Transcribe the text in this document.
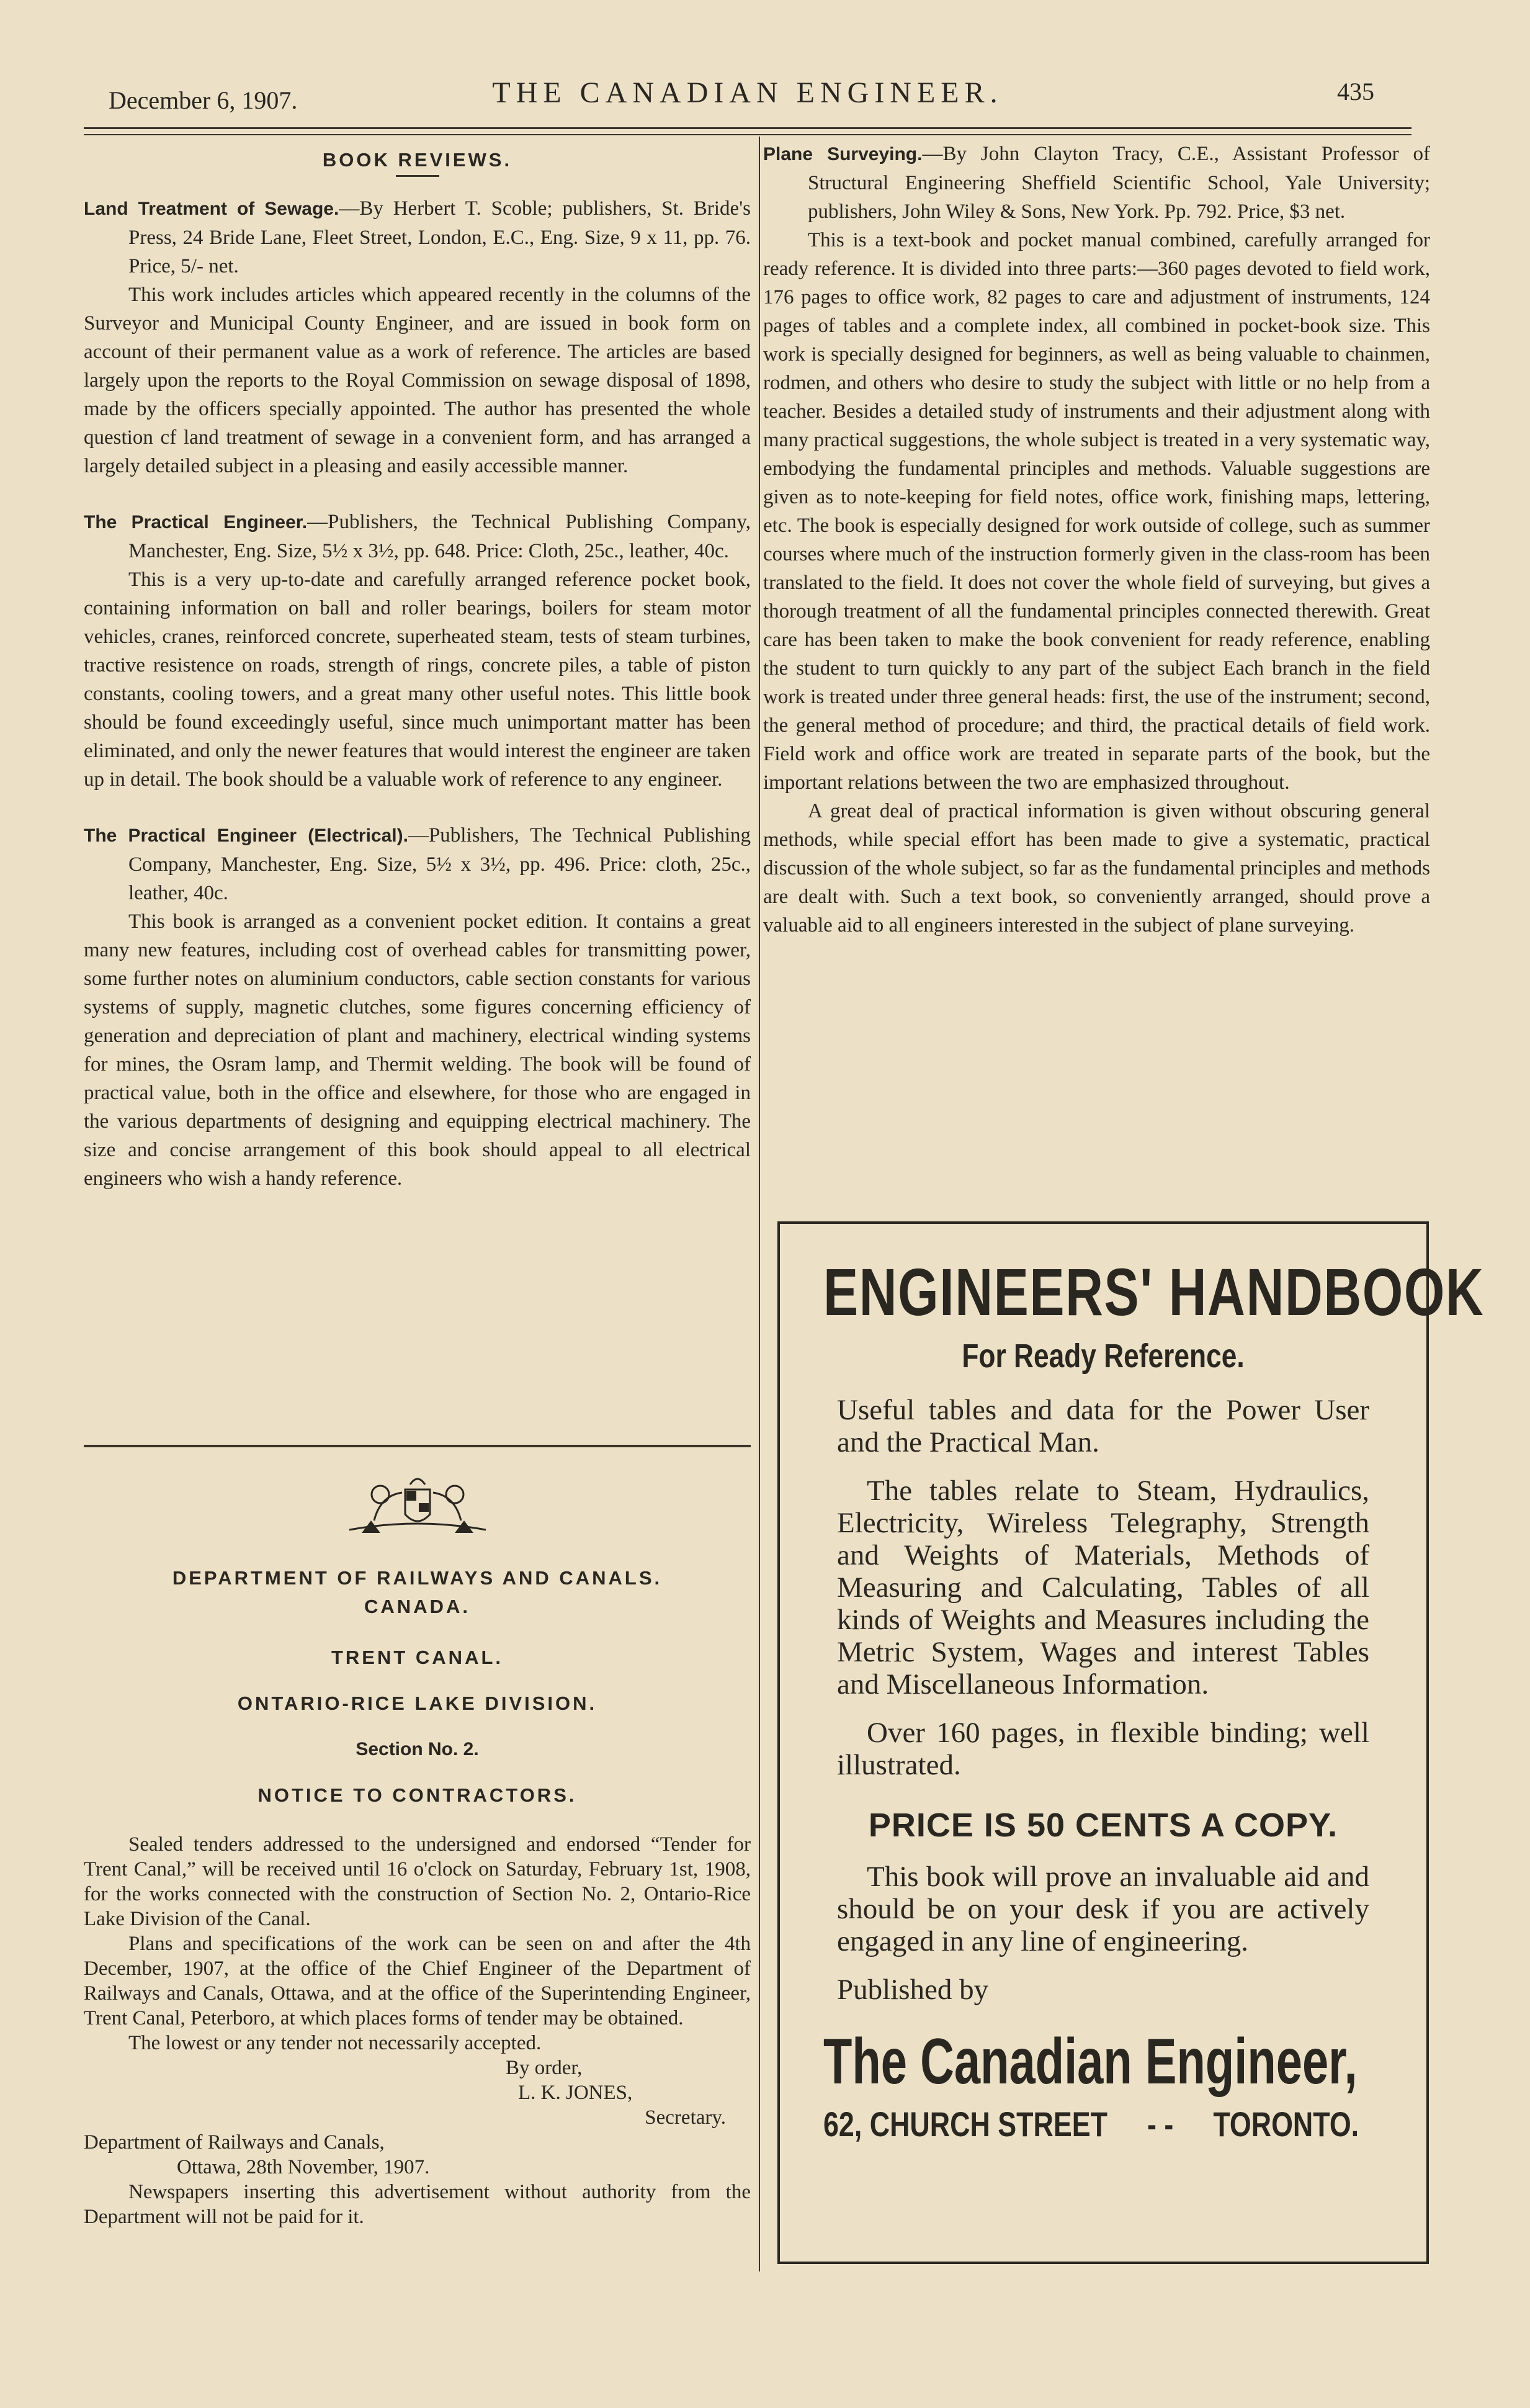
December 6, 1907.	THE CANADIAN ENGINEER.	435
BOOK REVIEWS.

Land Treatment of Sewage.—By Herbert T. Scoble; publishers, St. Bride's Press, 24 Bride Lane, Fleet Street, London, E.C., Eng. Size, 9 x 11, pp. 76. Price, 5/- net.

This work includes articles which appeared recently in the columns of the Surveyor and Municipal County Engineer, and are issued in book form on account of their permanent value as a work of reference. The articles are based largely upon the reports to the Royal Commission on sewage disposal of 1898, made by the officers specially appointed. The author has presented the whole question cf land treatment of sewage in a convenient form, and has arranged a largely detailed subject in a pleasing and easily accessible manner.

The Practical Engineer.—Publishers, the Technical Publishing Company, Manchester, Eng. Size, 5½ x 3½, pp. 648. Price: Cloth, 25c., leather, 40c.

This is a very up-to-date and carefully arranged reference pocket book, containing information on ball and roller bearings, boilers for steam motor vehicles, cranes, reinforced concrete, superheated steam, tests of steam turbines, tractive resistence on roads, strength of rings, concrete piles, a table of piston constants, cooling towers, and a great many other useful notes. This little book should be found exceedingly useful, since much unimportant matter has been eliminated, and only the newer features that would interest the engineer are taken up in detail. The book should be a valuable work of reference to any engineer.

The Practical Engineer (Electrical).—Publishers, The Technical Publishing Company, Manchester, Eng. Size, 5½ x 3½, pp. 496. Price: cloth, 25c., leather, 40c.

This book is arranged as a convenient pocket edition. It contains a great many new features, including cost of overhead cables for transmitting power, some further notes on aluminium conductors, cable section constants for various systems of supply, magnetic clutches, some figures concerning efficiency of generation and depreciation of plant and machinery, electrical winding systems for mines, the Osram lamp, and Thermit welding. The book will be found of practical value, both in the office and elsewhere, for those who are engaged in the various departments of designing and equipping electrical machinery. The size and concise arrangement of this book should appeal to all electrical engineers who wish a handy reference.

DEPARTMENT OF RAILWAYS AND CANALS.
CANADA.
TRENT CANAL.
ONTARIO-RICE LAKE DIVISION.
Section No. 2.
NOTICE TO CONTRACTORS.

Sealed tenders addressed to the undersigned and endorsed “Tender for Trent Canal,” will be received until 16 o'clock on Saturday, February 1st, 1908, for the works connected with the construction of Section No. 2, Ontario-Rice Lake Division of the Canal.

Plans and specifications of the work can be seen on and after the 4th December, 1907, at the office of the Chief Engineer of the Department of Railways and Canals, Ottawa, and at the office of the Superintending Engineer, Trent Canal, Peterboro, at which places forms of tender may be obtained.

The lowest or any tender not necessarily accepted.

By order,

L. K. JONES,

Secretary.

Department of Railways and Canals,

Ottawa, 28th November, 1907.

Newspapers inserting this advertisement without authority from the Department will not be paid for it.

Plane Surveying.—By John Clayton Tracy, C.E., Assistant Professor of Structural Engineering Sheffield Scientific School, Yale University; publishers, John Wiley & Sons, New York. Pp. 792. Price, $3 net.

This is a text-book and pocket manual combined, carefully arranged for ready reference. It is divided into three parts:—360 pages devoted to field work, 176 pages to office work, 82 pages to care and adjustment of instruments, 124 pages of tables and a complete index, all combined in pocket-book size. This work is specially designed for beginners, as well as being valuable to chainmen, rodmen, and others who desire to study the subject with little or no help from a teacher. Besides a detailed study of instruments and their adjustment along with many practical suggestions, the whole subject is treated in a very systematic way, embodying the fundamental principles and methods. Valuable suggestions are given as to note-keeping for field notes, office work, finishing maps, lettering, etc. The book is especially designed for work outside of college, such as summer courses where much of the instruction formerly given in the class-room has been translated to the field. It does not cover the whole field of surveying, but gives a thorough treatment of all the fundamental principles connected therewith. Great care has been taken to make the book convenient for ready reference, enabling the student to turn quickly to any part of the subject Each branch in the field work is treated under three general heads: first, the use of the instrument; second, the general method of procedure; and third, the practical details of field work. Field work and office work are treated in separate parts of the book, but the important relations between the two are emphasized throughout.

A great deal of practical information is given without obscuring general methods, while special effort has been made to give a systematic, practical discussion of the whole subject, so far as the fundamental principles and methods are dealt with. Such a text book, so conveniently arranged, should prove a valuable aid to all engineers interested in the subject of plane surveying.

ENGINEERS' HANDBOOK
For Ready Reference.

Useful tables and data for the Power User and the Practical Man.

The tables relate to Steam, Hydraulics, Electricity, Wireless Telegraphy, Strength and Weights of Materials, Methods of Measuring and Calculating, Tables of all kinds of Weights and Measures including the Metric System, Wages and interest Tables and Miscellaneous Information.

Over 160 pages, in flexible binding; well illustrated.

PRICE IS 50 CENTS A COPY.

This book will prove an invaluable aid and should be on your desk if you are actively engaged in any line of engineering.

Published by

The Canadian Engineer,
62, CHURCH STREET - - TORONTO.
